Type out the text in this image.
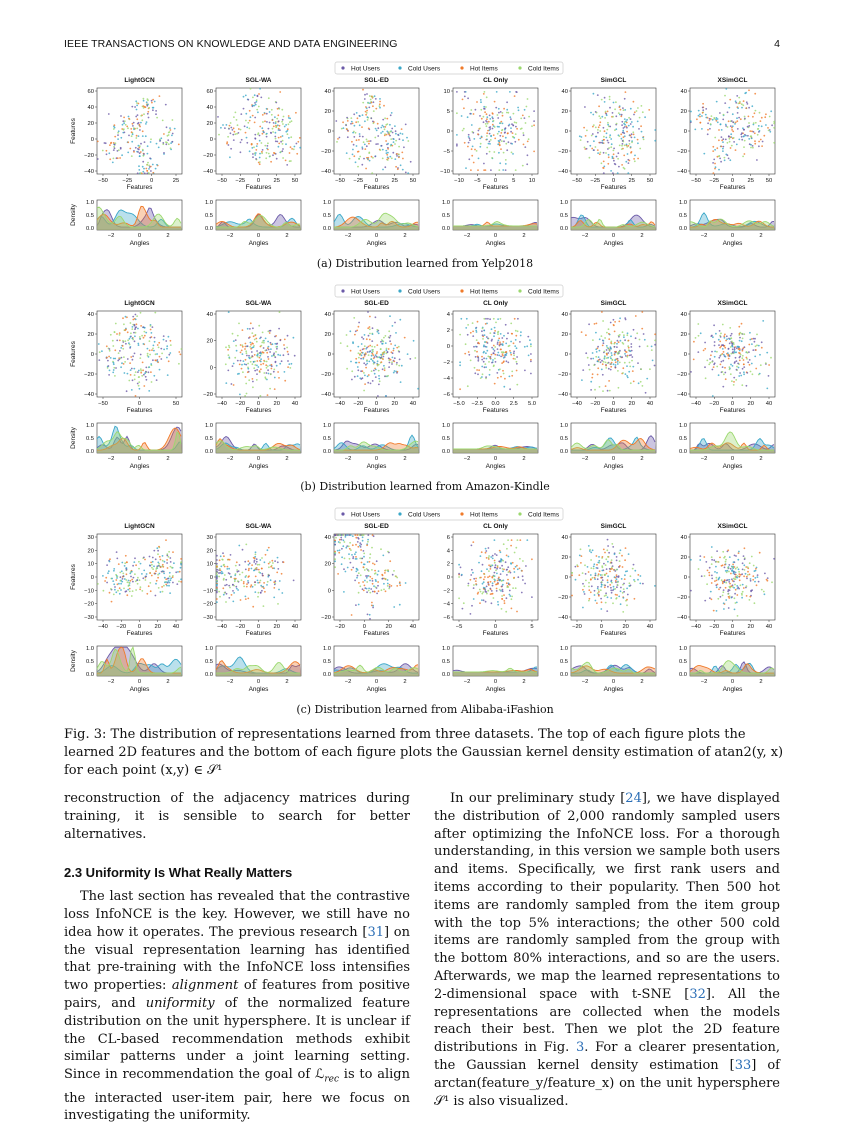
IEEE TRANSACTIONS ON KNOWLEDGE AND DATA ENGINEERING	4
Hot Users	Cold Users	Hot Items	Cold Items
(a) Distribution learned from Yelp2018
LightGCN
−50 −25	0	25
60
40
20
0
−20
−40
Features
Features
−2	0	2
1.0
0.5
0.0
Angles
Density
SGL-WA
−50 −25 0 25 50
60
40
20
0
−20
−40
Features
−2	0	2
1.0
0.5
0.0
Angles
SGL-ED
−50 −25 0 25 50
40
20
0
−20
−40
Features
−2	0	2
1.0
0.5
0.0
Angles
CL Only
−10 −5 0	5 10
10
5
0
−5
−10
Features
−2	0	2
1.0
0.5
0.0
Angles
SimGCL
−50 −25 0 25 50
40
20
0
−20
−40
Features
−2	0	2
1.0
0.5
0.0
Angles
XSimGCL
−50 −25 0 25 50
40
20
0
−20
−40
Features
−2	0	2
1.0
0.5
0.0
Angles
Hot Users	Cold Users	Hot Items	Cold Items
(b) Distribution learned from Amazon-Kindle
LightGCN
−50	0	50
40
20
0
−20
−40
Features
Features
−2	0	2
1.0
0.5
0.0
Angles
Density
SGL-WA
−40 −20 0 20 40
40
20
0
−20
Features
−2	0	2
1.0
0.5
0.0
Angles
SGL-ED
−40 −20 0 20 40
40
20
0
−20
−40
Features
−2	0	2
1.0
0.5
0.0
Angles
CL Only
−5.0 −2.5 0.0 2.5 5.0
4
2
0
−2
−4
−6
Features
−2	0	2
1.0
0.5
0.0
Angles
SimGCL
−40 −20 0 20 40
40
20
0
−20
−40
Features
−2	0	2
1.0
0.5
0.0
Angles
XSimGCL
−40 −20 0 20 40
40
20
0
−20
−40
Features
−2	0	2
1.0
0.5
0.0
Angles
Hot Users	Cold Users	Hot Items	Cold Items
(c) Distribution learned from Alibaba-iFashion
LightGCN
−40 −20 0 20 40
30
20
10
0
−10
−20
−30
Features
Features
−2	0	2
1.0
0.5
0.0
Angles
Density
SGL-WA
−40 −20 0 20 40
30
20
10
0
−10
−20
−30
Features
−2	0	2
1.0
0.5
0.0
Angles
SGL-ED
−20	0	20	40
40
20
0
−20
Features
−2	0	2
1.0
0.5
0.0
Angles
CL Only
−5	0	5
6
4
2
0
−2
−4
−6
Features
−2	0	2
1.0
0.5
0.0
Angles
SimGCL
−20	0	20	40
40
20
0
−20
−40
Features
−2	0	2
1.0
0.5
0.0
Angles
XSimGCL
−40 −20 0 20 40
40
20
0
−20
−40
Features
−2	0	2
1.0
0.5
0.0
Angles
Fig. 3: The distribution of representations learned from three datasets. The top of each figure plots the learned 2D features and the bottom of each figure plots the Gaussian kernel density estimation of atan2(y, x) for each point (x,y) ∈ 𝒮¹

reconstruction of the adjacency matrices during training, it is sensible to search for better alternatives.

2.3 Uniformity Is What Really Matters

The last section has revealed that the contrastive loss InfoNCE is the key. However, we still have no idea how it operates. The previous research [31] on the visual representation learning has identified that pre-training with the InfoNCE loss intensifies two properties: alignment of features from positive pairs, and uniformity of the normalized feature distribution on the unit hypersphere. It is unclear if the CL-based recommendation methods exhibit similar patterns under a joint learning setting. Since in recommendation the goal of ℒ$_{rec}$ is to align the interacted user-item pair, here we focus on investigating the uniformity.

In our preliminary study [24], we have displayed the distribution of 2,000 randomly sampled users after optimizing the InfoNCE loss. For a thorough understanding, in this version we sample both users and items. Specifically, we first rank users and items according to their popularity. Then 500 hot items are randomly sampled from the item group with the top 5% interactions; the other 500 cold items are randomly sampled from the group with the bottom 80% interactions, and so are the users. Afterwards, we map the learned representations to 2-dimensional space with t-SNE [32]. All the representations are collected when the models reach their best. Then we plot the 2D feature distributions in Fig. 3. For a clearer presentation, the Gaussian kernel density estimation [33] of arctan(feature_y/feature_x) on the unit hypersphere 𝒮¹ is also visualized.
